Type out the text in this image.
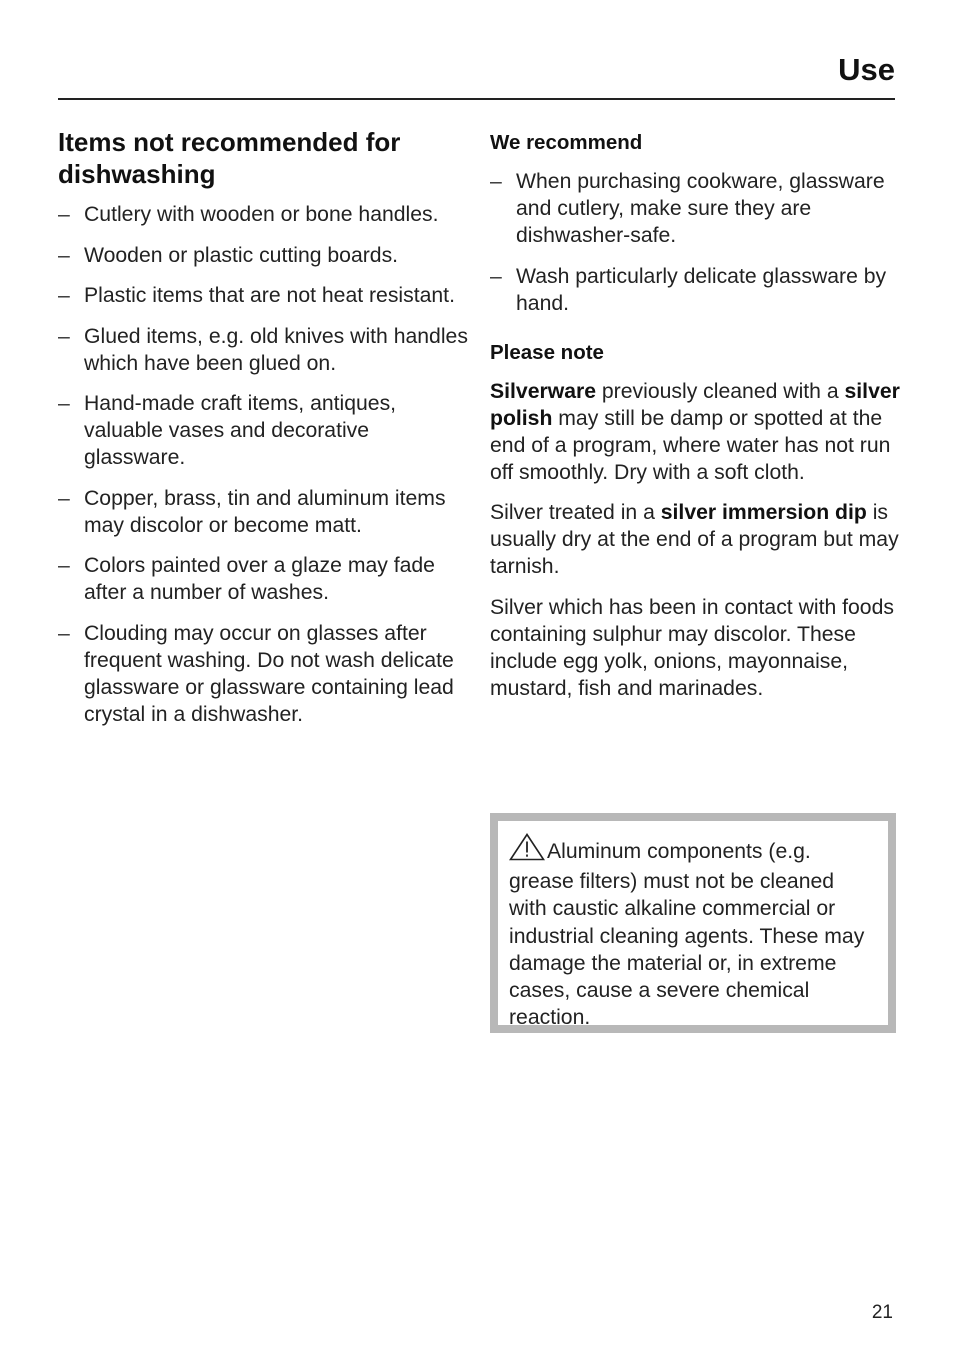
Use
Items not recommended for dishwashing
– Cutlery with wooden or bone handles.
– Wooden or plastic cutting boards.
– Plastic items that are not heat resistant.
– Glued items, e.g. old knives with handles which have been glued on.
– Hand-made craft items, antiques, valuable vases and decorative glassware.
– Copper, brass, tin and aluminum items may discolor or become matt.
– Colors painted over a glaze may fade after a number of washes.
– Clouding may occur on glasses after frequent washing. Do not wash delicate glassware or glassware containing lead crystal in a dishwasher.
We recommend
– When purchasing cookware, glassware and cutlery, make sure they are dishwasher-safe.
– Wash particularly delicate glassware by hand.
Please note

Silverware previously cleaned with a silver polish may still be damp or spotted at the end of a program, where water has not run off smoothly. Dry with a soft cloth.

Silver treated in a silver immersion dip is usually dry at the end of a program but may tarnish.

Silver which has been in contact with foods containing sulphur may discolor. These include egg yolk, onions, mayonnaise, mustard, fish and marinades.

Aluminum components (e.g. grease filters) must not be cleaned with caustic alkaline commercial or industrial cleaning agents. These may damage the material or, in extreme cases, cause a severe chemical reaction.

21
